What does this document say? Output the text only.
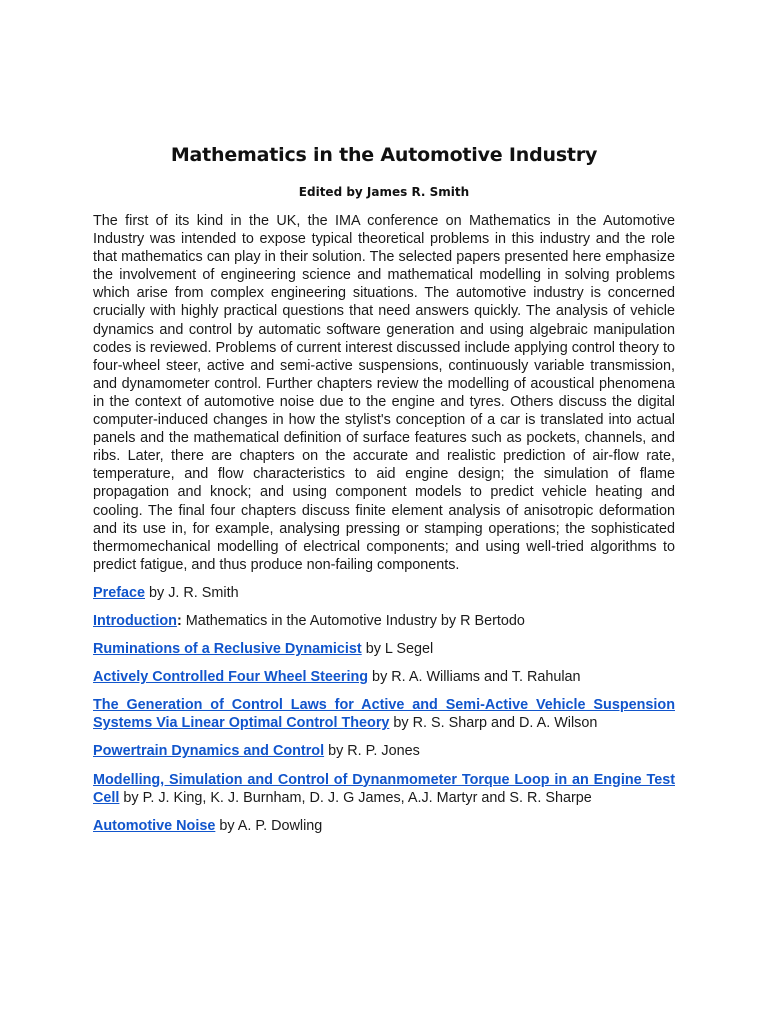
Mathematics in the Automotive Industry
Edited by James R. Smith

The first of its kind in the UK, the IMA conference on Mathematics in the Automotive Industry was intended to expose typical theoretical problems in this industry and the role that mathematics can play in their solution. The selected papers presented here emphasize the involvement of engineering science and mathematical modelling in solving problems which arise from complex engineering situations. The automotive industry is concerned crucially with highly practical questions that need answers quickly. The analysis of vehicle dynamics and control by automatic software generation and using algebraic manipulation codes is reviewed. Problems of current interest discussed include applying control theory to four-wheel steer, active and semi-active suspensions, continuously variable transmission, and dynamometer control. Further chapters review the modelling of acoustical phenomena in the context of automotive noise due to the engine and tyres. Others discuss the digital computer-induced changes in how the stylist's conception of a car is translated into actual panels and the mathematical definition of surface features such as pockets, channels, and ribs. Later, there are chapters on the accurate and realistic prediction of air-flow rate, temperature, and flow characteristics to aid engine design; the simulation of flame propagation and knock; and using component models to predict vehicle heating and cooling. The final four chapters discuss finite element analysis of anisotropic deformation and its use in, for example, analysing pressing or stamping operations; the sophisticated thermomechanical modelling of electrical components; and using well-tried algorithms to predict fatigue, and thus produce non-failing components.

Preface by J. R. Smith

Introduction: Mathematics in the Automotive Industry by R Bertodo

Ruminations of a Reclusive Dynamicist by L Segel

Actively Controlled Four Wheel Steering by R. A. Williams and T. Rahulan

The Generation of Control Laws for Active and Semi-Active Vehicle Suspension Systems Via Linear Optimal Control Theory by R. S. Sharp and D. A. Wilson

Powertrain Dynamics and Control by R. P. Jones

Modelling, Simulation and Control of Dynanmometer Torque Loop in an Engine Test Cell by P. J. King, K. J. Burnham, D. J. G James, A.J. Martyr and S. R. Sharpe

Automotive Noise by A. P. Dowling
